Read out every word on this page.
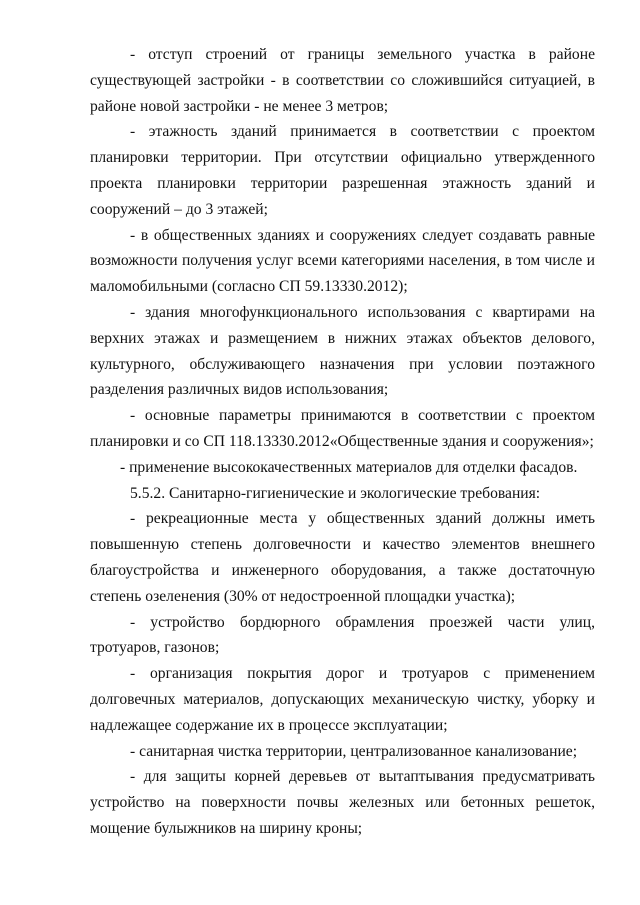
- отступ строений от границы земельного участка в районе существующей застройки - в соответствии со сложившийся ситуацией, в районе новой застройки - не менее 3 метров;

- этажность зданий принимается в соответствии с проектом планировки территории. При отсутствии официально утвержденного проекта планировки территории разрешенная этажность зданий и сооружений – до 3 этажей;

- в общественных зданиях и сооружениях следует создавать равные возможности получения услуг всеми категориями населения, в том числе и маломобильными (согласно СП 59.13330.2012);

- здания многофункционального использования с квартирами на верхних этажах и размещением в нижних этажах объектов делового, культурного, обслуживающего назначения при условии поэтажного разделения различных видов использования;

- основные параметры принимаются в соответствии с проектом планировки и со СП 118.13330.2012«Общественные здания и сооружения»;

- применение высококачественных материалов для отделки фасадов.

5.5.2. Санитарно-гигиенические и экологические требования:

- рекреационные места у общественных зданий должны иметь повышенную степень долговечности и качество элементов внешнего благоустройства и инженерного оборудования, а также достаточную степень озеленения (30% от недостроенной площадки участка);

- устройство бордюрного обрамления проезжей части улиц, тротуаров, газонов;

- организация покрытия дорог и тротуаров с применением долговечных материалов, допускающих механическую чистку, уборку и надлежащее содержание их в процессе эксплуатации;

- санитарная чистка территории, централизованное канализование;

- для защиты корней деревьев от вытаптывания предусматривать устройство на поверхности почвы железных или бетонных решеток, мощение булыжников на ширину кроны;
